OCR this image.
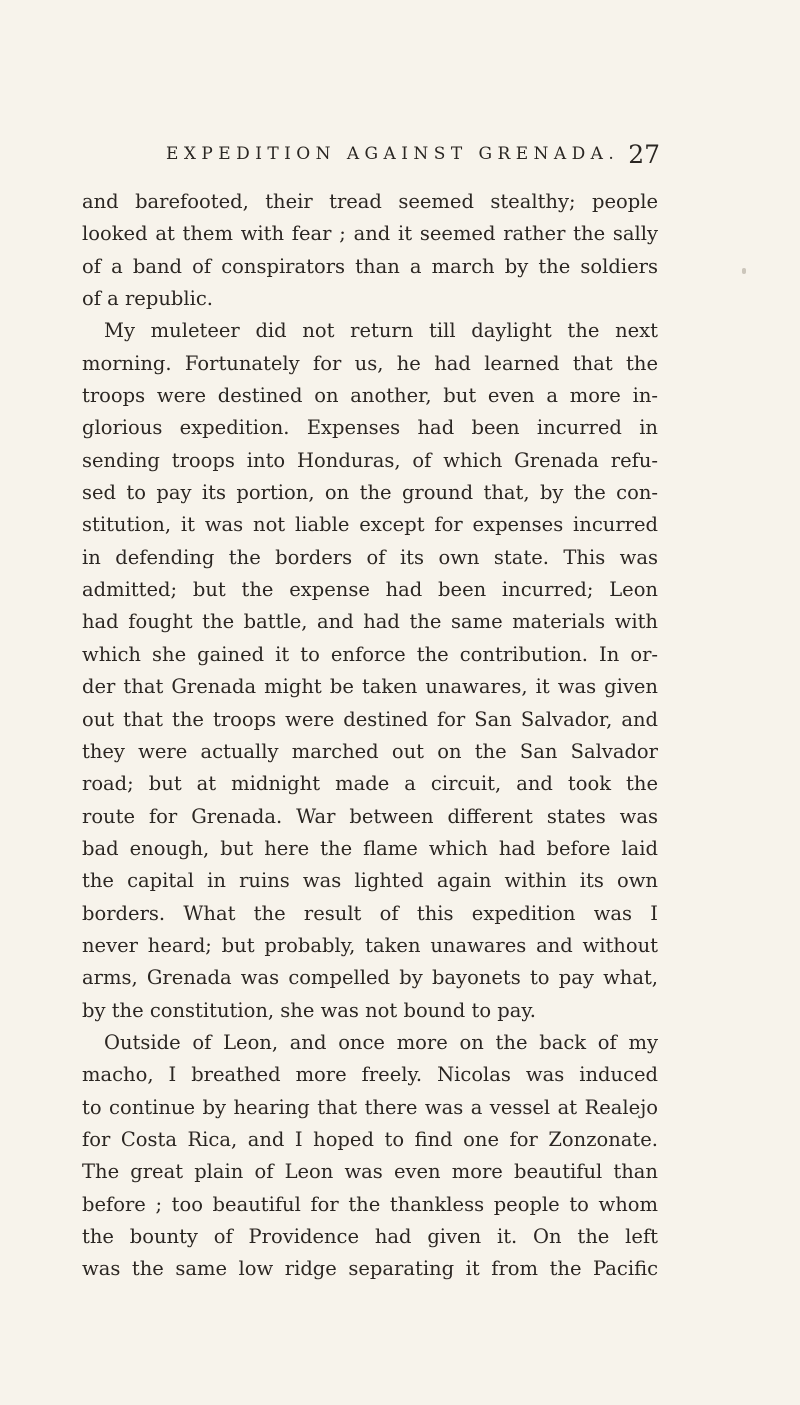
EXPEDITION AGAINST GRENADA. 27
and barefooted, their tread seemed stealthy; people
looked at them with fear ; and it seemed rather the sally
of a band of conspirators than a march by the soldiers
of a republic.
My muleteer did not return till daylight the next
morning. Fortunately for us, he had learned that the
troops were destined on another, but even a more in-
glorious expedition. Expenses had been incurred in
sending troops into Honduras, of which Grenada refu-
sed to pay its portion, on the ground that, by the con-
stitution, it was not liable except for expenses incurred
in defending the borders of its own state. This was
admitted; but the expense had been incurred; Leon
had fought the battle, and had the same materials with
which she gained it to enforce the contribution. In or-
der that Grenada might be taken unawares, it was given
out that the troops were destined for San Salvador, and
they were actually marched out on the San Salvador
road; but at midnight made a circuit, and took the
route for Grenada. War between different states was
bad enough, but here the flame which had before laid
the capital in ruins was lighted again within its own
borders. What the result of this expedition was I
never heard; but probably, taken unawares and without
arms, Grenada was compelled by bayonets to pay what,
by the constitution, she was not bound to pay.
Outside of Leon, and once more on the back of my
macho, I breathed more freely. Nicolas was induced
to continue by hearing that there was a vessel at Realejo
for Costa Rica, and I hoped to find one for Zonzonate.
The great plain of Leon was even more beautiful than
before ; too beautiful for the thankless people to whom
the bounty of Providence had given it. On the left
was the same low ridge separating it from the Pacific
